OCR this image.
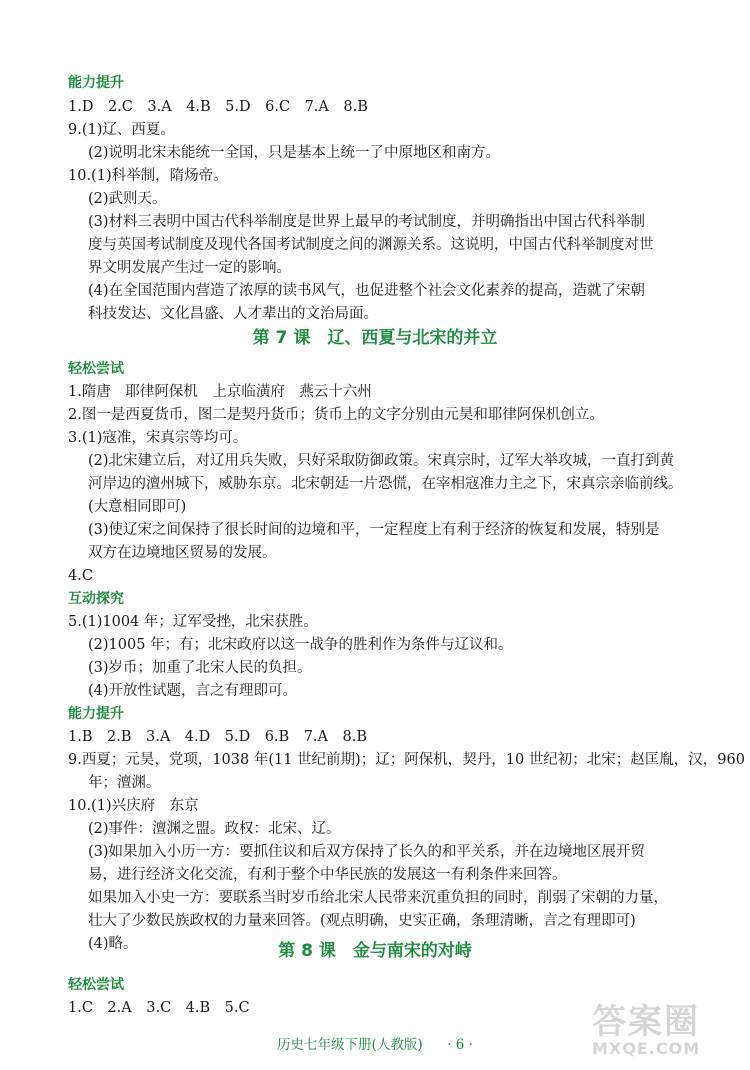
能力提升
1.D　2.C　3.A　4.B　5.D　6.C　7.A　8.B
9.(1)辽、西夏。
(2)说明北宋未能统一全国，只是基本上统一了中原地区和南方。
10.(1)科举制，隋炀帝。
(2)武则天。
(3)材料三表明中国古代科举制度是世界上最早的考试制度，并明确指出中国古代科举制
度与英国考试制度及现代各国考试制度之间的渊源关系。这说明，中国古代科举制度对世
界文明发展产生过一定的影响。
(4)在全国范围内营造了浓厚的读书风气，也促进整个社会文化素养的提高，造就了宋朝
科技发达、文化昌盛、人才辈出的文治局面。
第 7 课　辽、西夏与北宋的并立
轻松尝试
1.隋唐　耶律阿保机　上京临潢府　燕云十六州
2.图一是西夏货币，图二是契丹货币；货币上的文字分别由元昊和耶律阿保机创立。
3.(1)寇准，宋真宗等均可。
(2)北宋建立后，对辽用兵失败，只好采取防御政策。宋真宗时，辽军大举攻城，一直打到黄
河岸边的澶州城下，威胁东京。北宋朝廷一片恐慌，在宰相寇准力主之下，宋真宗亲临前线。
(大意相同即可)
(3)使辽宋之间保持了很长时间的边境和平，一定程度上有利于经济的恢复和发展，特别是
双方在边境地区贸易的发展。
4.C
互动探究
5.(1)1004 年；辽军受挫，北宋获胜。
(2)1005 年；有；北宋政府以这一战争的胜利作为条件与辽议和。
(3)岁币；加重了北宋人民的负担。
(4)开放性试题，言之有理即可。
能力提升
1.B　2.B　3.A　4.D　5.D　6.B　7.A　8.B
9.西夏；元昊，党项，1038 年(11 世纪前期)；辽；阿保机，契丹，10 世纪初；北宋；赵匡胤，汉，960
年；澶渊。
10.(1)兴庆府　东京
(2)事件：澶渊之盟。政权：北宋、辽。
(3)如果加入小历一方：要抓住议和后双方保持了长久的和平关系，并在边境地区展开贸
易，进行经济文化交流，有利于整个中华民族的发展这一有利条件来回答。
如果加入小史一方：要联系当时岁币给北宋人民带来沉重负担的同时，削弱了宋朝的力量，
壮大了少数民族政权的力量来回答。(观点明确，史实正确，条理清晰，言之有理即可)
(4)略。	第 8 课　金与南宋的对峙
轻松尝试
1.C　2.A　3.C　4.B　5.C
历史七年级下册(人教版) · 6 ·
答案圈
MXQE.COM
